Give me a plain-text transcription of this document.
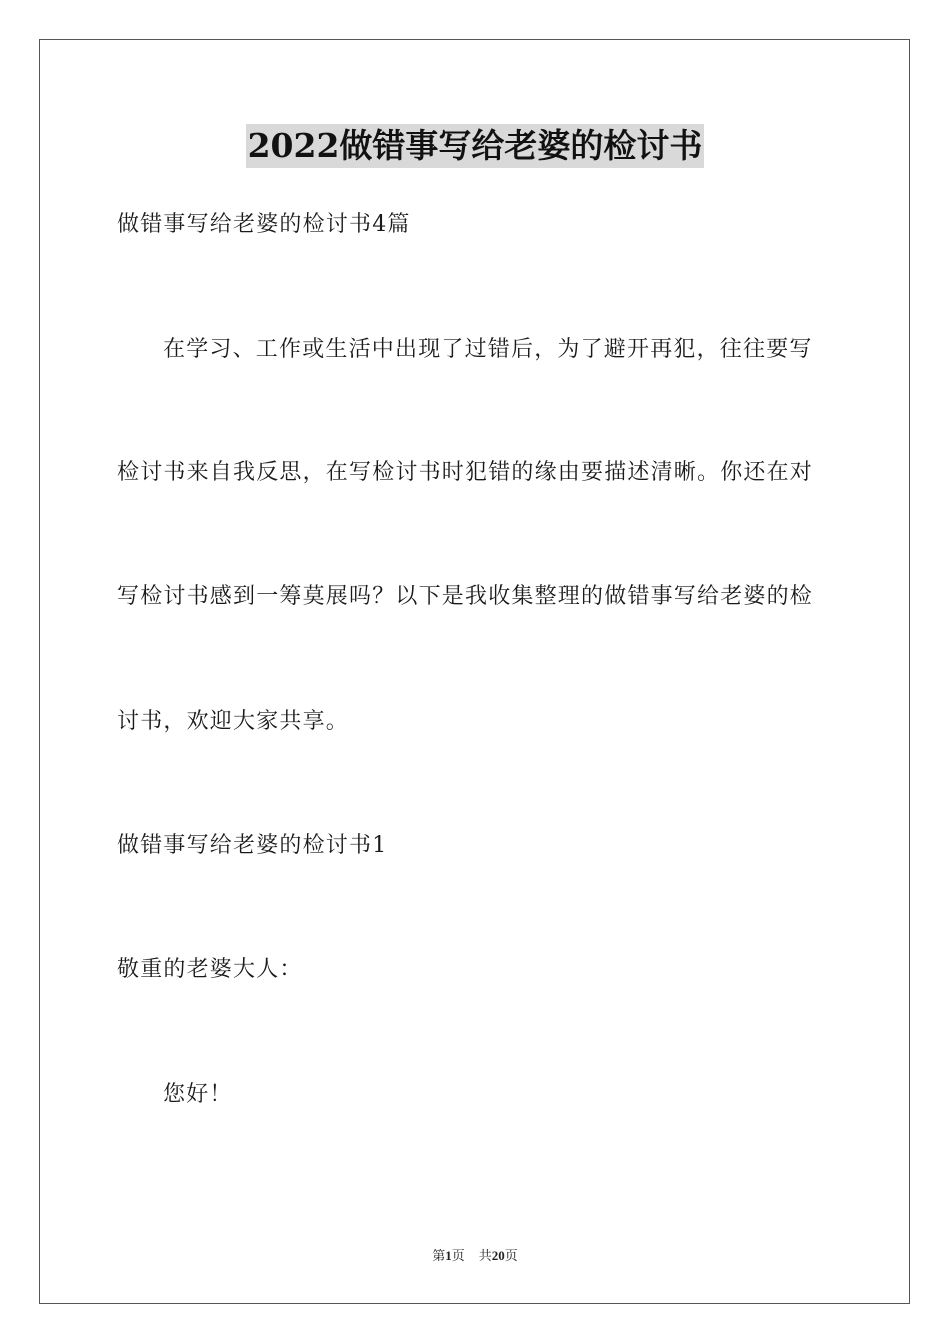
2022做错事写给老婆的检讨书
做错事写给老婆的检讨书4篇
在学习、工作或生活中出现了过错后，为了避开再犯，往往要写
检讨书来自我反思，在写检讨书时犯错的缘由要描述清晰。你还在对
写检讨书感到一筹莫展吗？以下是我收集整理的做错事写给老婆的检
讨书，欢迎大家共享。
做错事写给老婆的检讨书1
敬重的老婆大人：
您好！
第1页 共20页
